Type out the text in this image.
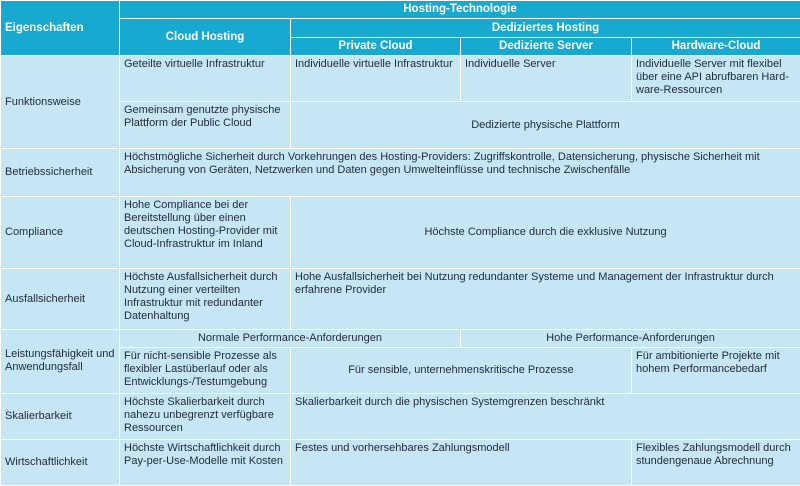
Eigenschaften	Hosting-Technologie			
	Cloud Hosting	Dediziertes Hosting		
		Private Cloud	Dedizierte Server	Hardware-Cloud
Funktionsweise	Geteilte virtuelle Infrastruktur	Individuelle virtuelle Infrastruktur	Individuelle Server	Individuelle Server mit flexibel über eine API abrufbaren Hard-ware-Ressourcen
	Gemeinsam genutzte physische Plattform der Public Cloud	Dedizierte physische Plattform		
Betriebssicherheit	Höchstmögliche Sicherheit durch Vorkehrungen des Hosting-Providers: Zugriffskontrolle, Datensicherung, physische Sicherheit mit Absicherung von Geräten, Netzwerken und Daten gegen Umwelteinflüsse und technische Zwischenfälle			
Compliance	Hohe Compliance bei der Bereitstellung über einen deutschen Hosting-Provider mit Cloud-Infrastruktur im Inland	Höchste Compliance durch die exklusive Nutzung		
Ausfallsicherheit	Höchste Ausfallsicherheit durch Nutzung einer verteilten Infrastruktur mit redundanter Datenhaltung	Hohe Ausfallsicherheit bei Nutzung redundanter Systeme und Management der Infrastruktur durch erfahrene Provider		
Leistungsfähigkeit und Anwendungsfall	Normale Performance-Anforderungen		Hohe Performance-Anforderungen	
	Für nicht-sensible Prozesse als flexibler Lastüberlauf oder als Entwicklungs-/Testumgebung	Für sensible, unternehmenskritische Prozesse		Für ambitionierte Projekte mit hohem Performancebedarf
Skalierbarkeit	Höchste Skalierbarkeit durch nahezu unbegrenzt verfügbare Ressourcen	Skalierbarkeit durch die physischen Systemgrenzen beschränkt		
Wirtschaftlichkeit	Höchste Wirtschaftlichkeit durch Pay-per-Use-Modelle mit Kosten	Festes und vorhersehbares Zahlungsmodell		Flexibles Zahlungsmodell durch stundengenaue Abrechnung
